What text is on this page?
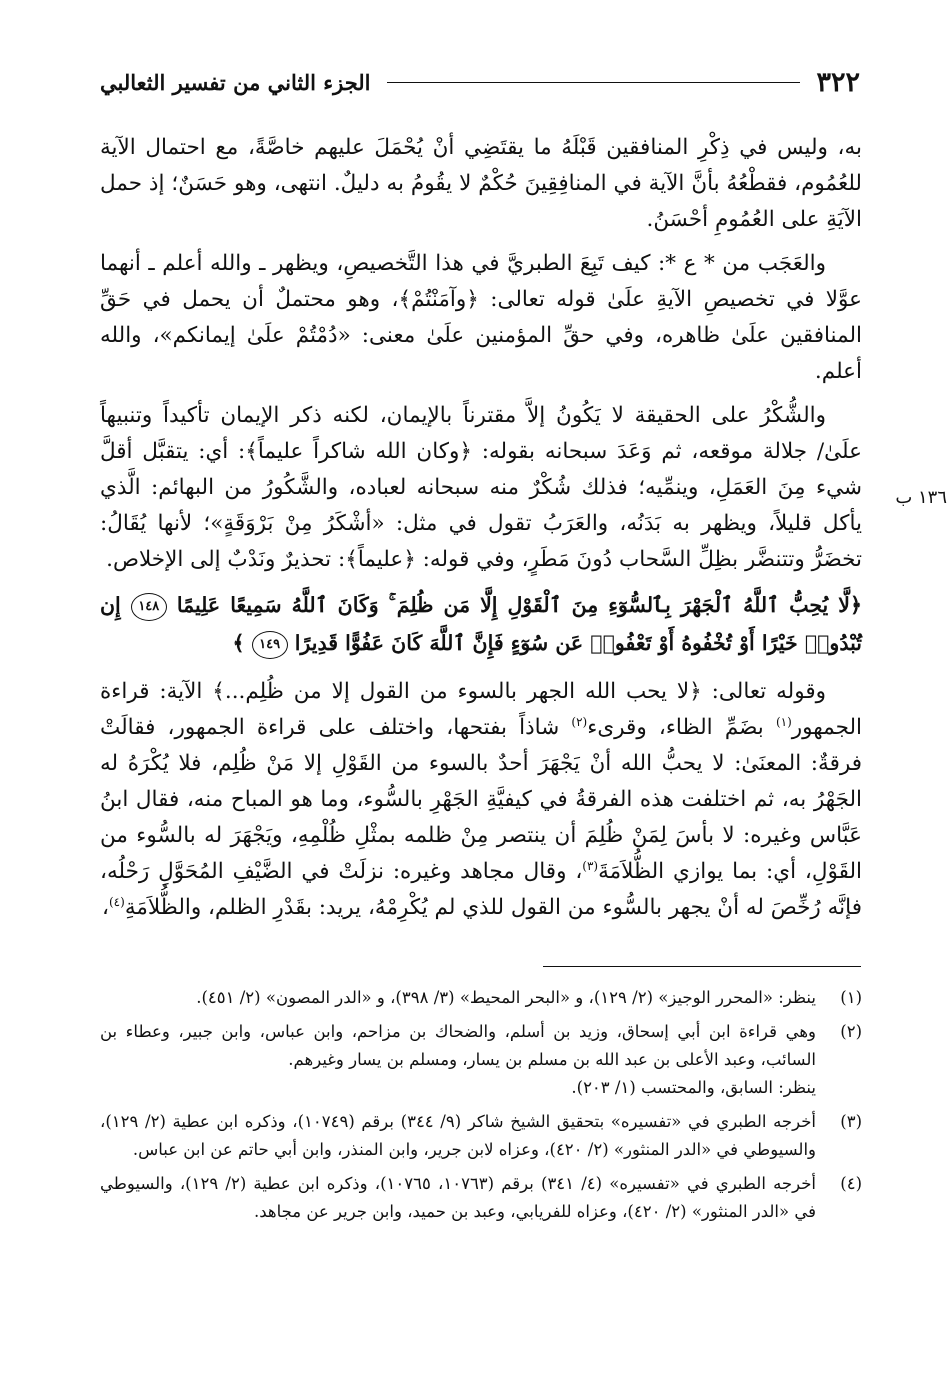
٣٢٢
الجزء الثاني من تفسير الثعالبي
١٣٦ ب

به، وليس في ذِكْرِ المنافقين قَبْلَهُ ما يقتَضِي أنْ يُحْمَلَ عليهم خاصَّةً، مع احتمال الآية للعُمُوم، فقطْعُهُ بأنَّ الآية في المنافِقِينَ حُكْمٌ لا يقُومُ به دليلٌ. انتهى، وهو حَسَنٌ؛ إذ حمل الآيَةِ على العُمُومِ أحْسَنُ.

والعَجَب من * ع *: كيف تَبِعَ الطبريَّ في هذا التَّخصيصِ، ويظهر ـ والله أعلم ـ أنهما عوَّلا في تخصيصِ الآيةِ علَىٰ قوله تعالى: ﴿وآمَنْتُمْ﴾، وهو محتملٌ أن يحمل في حَقِّ المنافقين علَىٰ ظاهره، وفي حقِّ المؤمنين علَىٰ معنى: «دُمْتُمْ علَىٰ إيمانكم»، والله أعلم.

والشُّكْرُ على الحقيقة لا يَكُونُ إلاَّ مقترناً بالإيمان، لكنه ذكر الإيمان تأكيداً وتنبيهاً علَىٰ/ جلالة موقعه، ثم وَعَدَ سبحانه بقوله: ﴿وكان الله شاكراً عليماً﴾: أي: يتقبَّل أقلَّ شيء مِنَ العَمَلِ، وينمِّيه؛ فذلك شُكْرٌ منه سبحانه لعباده، والشَّكُورُ من البهائم: الَّذي يأكل قليلاً، ويظهر به بَدَنُه، والعَرَبُ تقول في مثل: «أشْكَرُ مِنْ بَرْوَقَةٍ»؛ لأنها يُقَالُ: تخضَرُّ وتتنضَّر بظِلِّ السَّحاب دُونَ مَطَرٍ، وفي قوله: ﴿عليماً﴾: تحذيرٌ ونَدْبٌ إلى الإخلاص.

﴿لَّا يُحِبُّ ٱللَّهُ ٱلْجَهْرَ بِٱلسُّوٓءِ مِنَ ٱلْقَوْلِ إِلَّا مَن ظُلِمَ ۚ وَكَانَ ٱللَّهُ سَمِيعًا عَلِيمًا ١٤٨ إِن تُبْدُوا۟ خَيْرًا أَوْ تُخْفُوهُ أَوْ تَعْفُوا۟ عَن سُوٓءٍ فَإِنَّ ٱللَّهَ كَانَ عَفُوًّا قَدِيرًا ١٤٩ ﴾

وقوله تعالى: ﴿لا يحب الله الجهر بالسوء من القول إلا من ظُلِم...﴾ الآية: قراءة الجمهور$^{(١)}$ بضَمِّ الظاء، وقرىء$^{(٢)}$ شاذاً بفتحها، واختلف على قراءة الجمهور، فقالَتْ فرقةٌ: المعنَىٰ: لا يحبُّ الله أنْ يَجْهَرَ أحدٌ بالسوء من القَوْلِ إلا مَنْ ظُلِم، فلا يُكْرَهُ له الجَهْرُ به، ثم اختلفت هذه الفرقةُ في كيفيَّةِ الجَهْرِ بالسُّوء، وما هو المباح منه، فقال ابنُ عَبَّاس وغيره: لا بأسَ لِمَنْ ظُلِمَ أن ينتصر مِنْ ظلمه بمثْلِ ظُلْمِهِ، ويَجْهَرَ له بالسُّوء من القَوْلِ، أي: بما يوازي الظُّلاَمَةَ$^{(٣)}$، وقال مجاهد وغيره: نزلَتْ في الضَّيْفِ المُحَوَّلِ رَحْلُه، فإنَّه رُخِّصَ له أنْ يجهر بالسُّوء من القول للذي لم يُكْرِمْهُ، يريد: بقَدْرِ الظلم، والظُّلاَمَةِ$^{(٤)}$،

(١)
ينظر: «المحرر الوجيز» (٢/ ١٢٩)، و «البحر المحيط» (٣/ ٣٩٨)، و «الدر المصون» (٢/ ٤٥١).
(٢)
وهي قراءة ابن أبي إسحاق، وزيد بن أسلم، والضحاك بن مزاحم، وابن عباس، وابن جبير، وعطاء بن السائب، وعبد الأعلى بن عبد الله بن مسلم بن يسار، ومسلم بن يسار وغيرهم.
ينظر: السابق، والمحتسب (١/ ٢٠٣).
(٣)
أخرجه الطبري في «تفسيره» بتحقيق الشيخ شاكر (٩/ ٣٤٤) برقم (١٠٧٤٩)، وذكره ابن عطية (٢/ ١٢٩)، والسيوطي في «الدر المنثور» (٢/ ٤٢٠)، وعزاه لابن جرير، وابن المنذر، وابن أبي حاتم عن ابن عباس.
(٤)
أخرجه الطبري في «تفسيره» (٤/ ٣٤١) برقم (١٠٧٦٣، ١٠٧٦٥)، وذكره ابن عطية (٢/ ١٢٩)، والسيوطي في «الدر المنثور» (٢/ ٤٢٠)، وعزاه للفريابي، وعبد بن حميد، وابن جرير عن مجاهد.
